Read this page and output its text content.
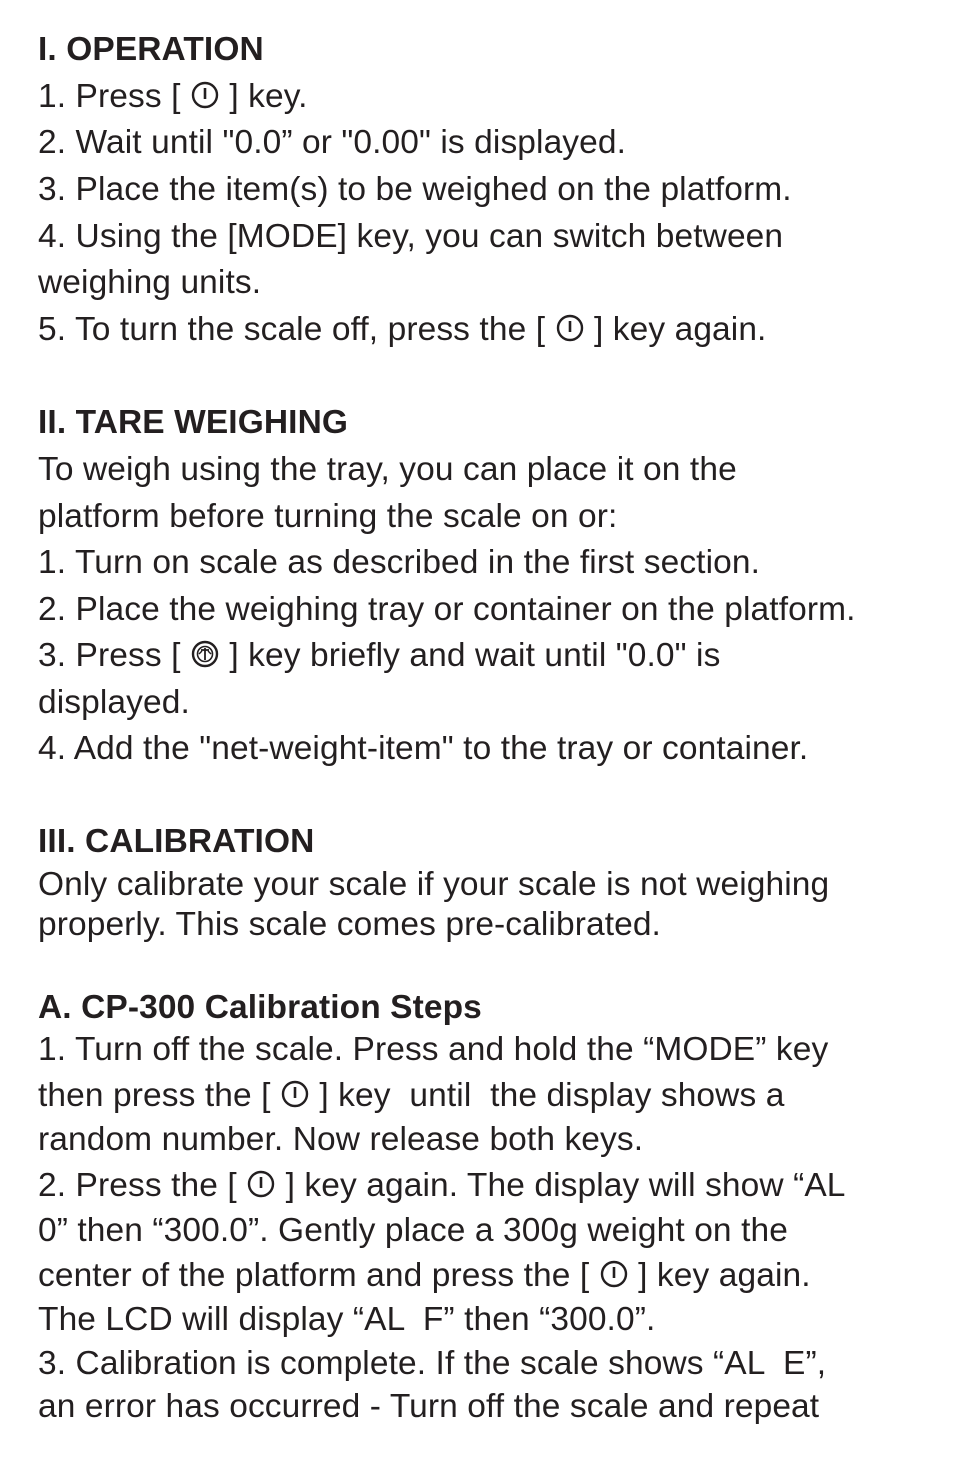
I. OPERATION
1. Press [
] key.
2. Wait until "0.0” or "0.00" is displayed.
3. Place the item(s) to be weighed on the platform.
4. Using the [MODE] key, you can switch between
weighing units.
5. To turn the scale off, press the [
] key again.
II. TARE WEIGHING
To weigh using the tray, you can place it on the
platform before turning the scale on or:
1. Turn on scale as described in the first section.
2. Place the weighing tray or container on the platform.
3. Press [
] key briefly and wait until "0.0" is
displayed.
4. Add the "net-weight-item" to the tray or container.
III. CALIBRATION
Only calibrate your scale if your scale is not weighing
properly. This scale comes pre-calibrated.
A. CP-300 Calibration Steps
1. Turn off the scale. Press and hold the “MODE” key
then press the [
] key  until  the display shows a
random number. Now release both keys.
2. Press the [
] key again. The display will show “AL
0” then “300.0”. Gently place a 300g weight on the
center of the platform and press the [
] key again.
The LCD will display “AL  F” then “300.0”.
3. Calibration is complete. If the scale shows “AL  E”,
an error has occurred - Turn off the scale and repeat
